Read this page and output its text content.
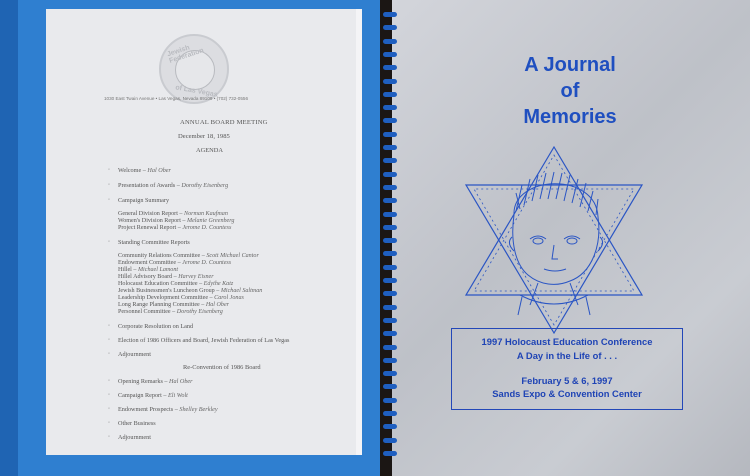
Jewish Federation
of Las Vegas
1030 East Twain Avenue • Las Vegas, Nevada 89109 • (702) 732-0556
ANNUAL BOARD MEETING
December 18, 1985
AGENDA
◦ Welcome – Hal Ober
◦ Presentation of Awards – Dorothy Eisenberg
◦ Campaign Summary
General Division Report – Norman Kaufman
Women's Division Report – Melanie Greenberg
Project Renewal Report – Jerome D. Countess
◦ Standing Committee Reports
Community Relations Committee – Scott Michael Cantor
Endowment Committee – Jerome D. Countess
Hillel – Michael Lamont
Hillel Advisory Board – Harvey Eisner
Holocaust Education Committee – Edythe Katz
Jewish Businessmen's Luncheon Group – Michael Saltman
Leadership Development Committee – Carol Jonas
Long Range Planning Committee – Hal Ober
Personnel Committee – Dorothy Eisenberg
◦ Corporate Resolution on Land
◦ Election of 1986 Officers and Board, Jewish Federation of Las Vegas
◦ Adjournment
Re-Convention of 1986 Board
◦ Opening Remarks – Hal Ober
◦ Campaign Report – Eli Wolt
◦ Endowment Prospects – Shelley Berkley
◦ Other Business
◦ Adjournment
A Journal
of
Memories
1997 Holocaust Education Conference
A Day in the Life of . . .
February 5 & 6, 1997
Sands Expo & Convention Center
